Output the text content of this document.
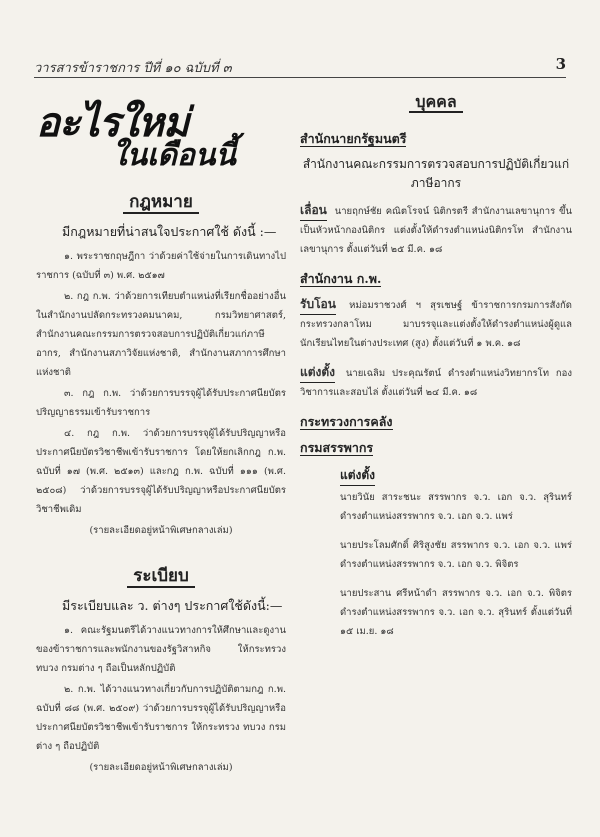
วารสารข้าราชการ ปีที่ ๑๐ ฉบับที่ ๓	3
อะไรใหม่
ในเดือนนี้
กฎหมาย
มีกฎหมายที่น่าสนใจประกาศใช้ ดังนี้ :—

๑. พระราชกฤษฎีกา ว่าด้วยค่าใช้จ่ายในการเดินทางไปราชการ (ฉบับที่ ๓) พ.ศ. ๒๕๑๗

๒. กฎ ก.พ. ว่าด้วยการเทียบตำแหน่งที่เรียกชื่ออย่างอื่นในสำนักงานปลัดกระทรวงคมนาคม, กรมวิทยาศาสตร์, สำนักงานคณะกรรมการตรวจสอบการปฏิบัติเกี่ยวแก่ภาษีอากร, สำนักงานสภาวิจัยแห่งชาติ, สำนักงานสภาการศึกษาแห่งชาติ

๓. กฎ ก.พ. ว่าด้วยการบรรจุผู้ได้รับประกาศนียบัตรปริญญาธรรมเข้ารับราชการ

๔. กฎ ก.พ. ว่าด้วยการบรรจุผู้ได้รับปริญญาหรือประกาศนียบัตรวิชาชีพเข้ารับราชการ โดยให้ยกเลิกกฎ ก.พ. ฉบับที่ ๑๗ (พ.ศ. ๒๕๑๓) และกฎ ก.พ. ฉบับที่ ๑๑๑ (พ.ศ. ๒๕๐๘) ว่าด้วยการบรรจุผู้ได้รับปริญญาหรือประกาศนียบัตรวิชาชีพเดิม

(รายละเอียดอยู่หน้าพิเศษกลางเล่ม)
ระเบียบ
มีระเบียบและ ว. ต่างๆ ประกาศใช้ดังนี้:—

๑. คณะรัฐมนตรีได้วางแนวทางการให้ศึกษาและดูงานของข้าราชการและพนักงานของรัฐวิสาหกิจ ให้กระทรวง ทบวง กรมต่าง ๆ ถือเป็นหลักปฏิบัติ

๒. ก.พ. ได้วางแนวทางเกี่ยวกับการปฏิบัติตามกฎ ก.พ. ฉบับที่ ๘๘ (พ.ศ. ๒๕๐๙) ว่าด้วยการบรรจุผู้ได้รับปริญญาหรือประกาศนียบัตรวิชาชีพเข้ารับราชการ ให้กระทรวง ทบวง กรมต่าง ๆ ถือปฏิบัติ

(รายละเอียดอยู่หน้าพิเศษกลางเล่ม)
บุคคล
สำนักนายกรัฐมนตรี
สำนักงานคณะกรรมการตรวจสอบการปฏิบัติเกี่ยวแก่ภาษีอากร

เลื่อน นายฤกษ์ชัย คณิตโรจน์ นิติกรตรี สำนักงานเลขานุการ ขึ้นเป็นหัวหน้ากองนิติกร แต่งตั้งให้ดำรงตำแหน่งนิติกรโท สำนักงานเลขานุการ ตั้งแต่วันที่ ๒๕ มี.ค. ๑๘

สำนักงาน ก.พ.

รับโอน หม่อมราชวงศ์ ฯ สุรเชษฐ์ ข้าราชการกรมการสังกัดกระทรวงกลาโหม มาบรรจุและแต่งตั้งให้ดำรงตำแหน่งผู้ดูแลนักเรียนไทยในต่างประเทศ (สูง) ตั้งแต่วันที่ ๑ พ.ค. ๑๘

แต่งตั้ง นายเฉลิม ประคุณรัตน์ ดำรงตำแหน่งวิทยากรโท กองวิชาการและสอบไล่ ตั้งแต่วันที่ ๒๔ มี.ค. ๑๘

กระทรวงการคลัง
กรมสรรพากร
แต่งตั้ง

นายวินัย สาระชนะ สรรพากร จ.ว. เอก จ.ว. สุรินทร์ ดำรงตำแหน่งสรรพากร จ.ว. เอก จ.ว. แพร่

นายประโลมศักดิ์ ศิริสูงชัย สรรพากร จ.ว. เอก จ.ว. แพร่ ดำรงตำแหน่งสรรพากร จ.ว. เอก จ.ว. พิจิตร

นายประสาน ศรีหน้าดำ สรรพากร จ.ว. เอก จ.ว. พิจิตร ดำรงตำแหน่งสรรพากร จ.ว. เอก จ.ว. สุรินทร์ ตั้งแต่วันที่ ๑๕ เม.ย. ๑๘
